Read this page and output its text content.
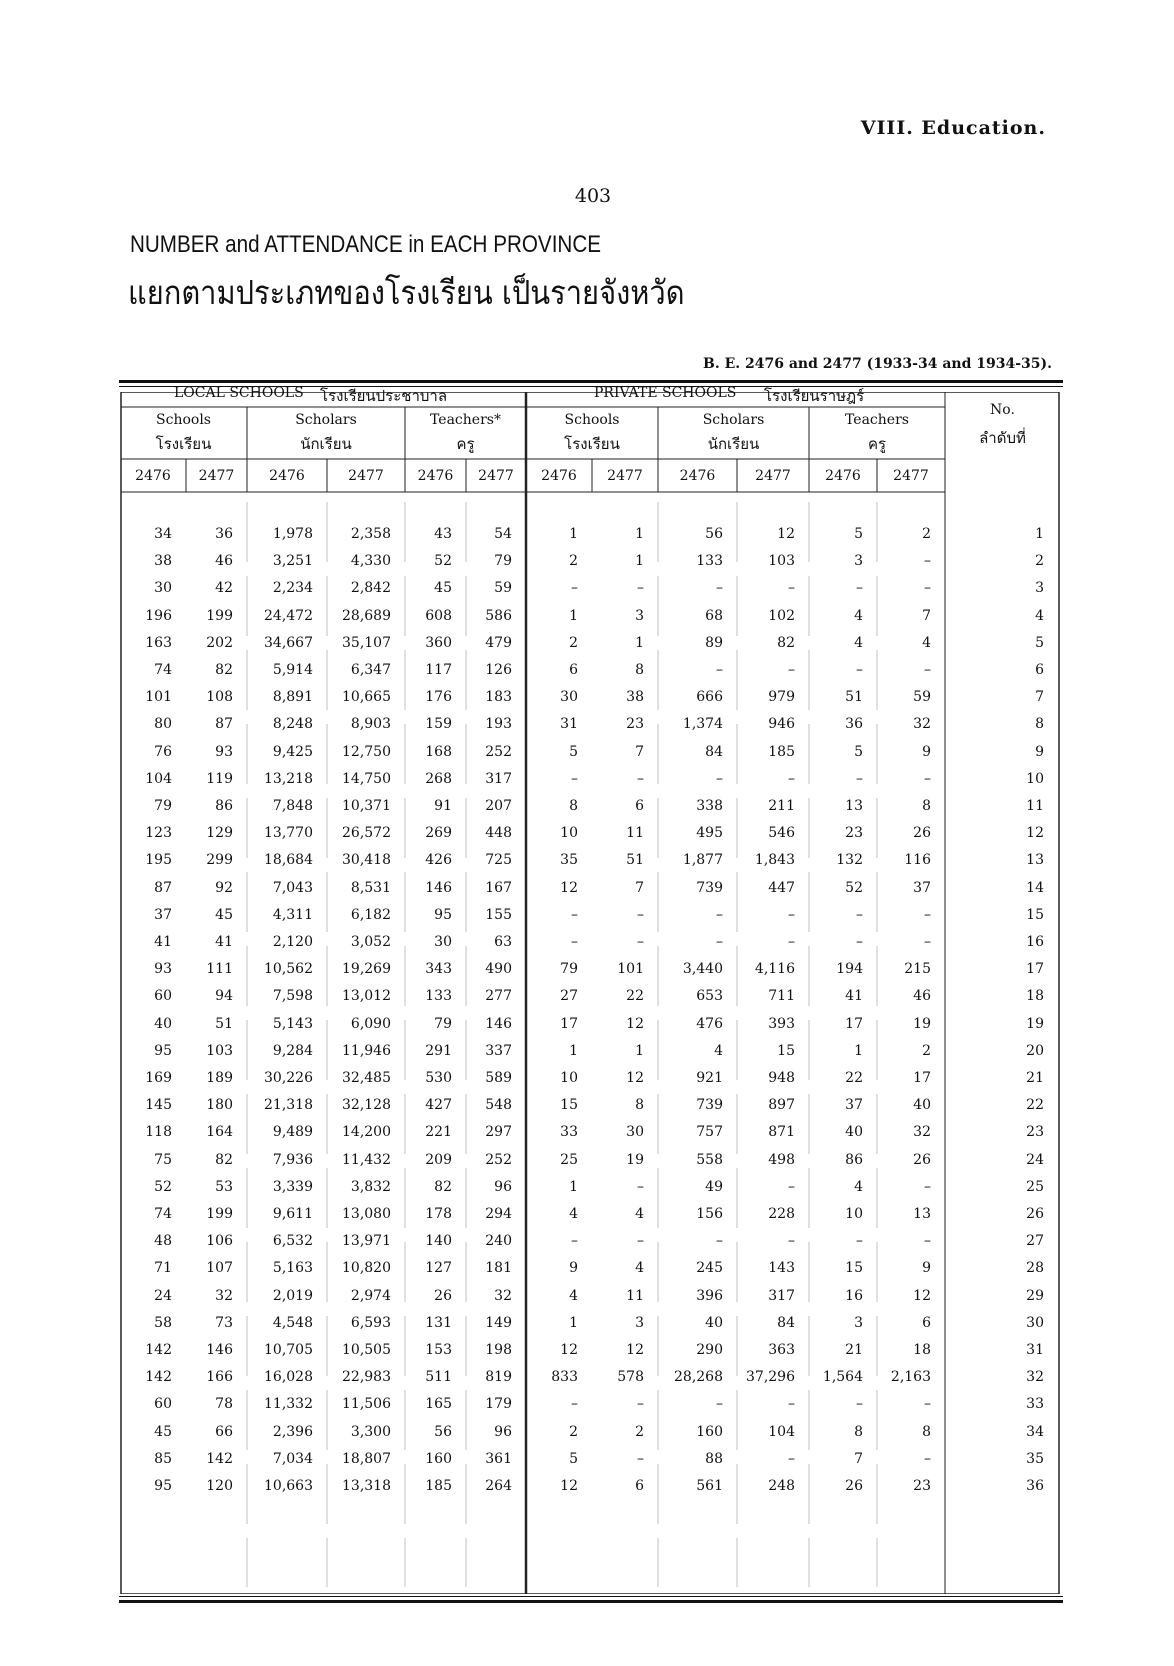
VIII. Education.
403
NUMBER and ATTENDANCE in EACH PROVINCE
แยกตามประเภทของโรงเรียน เป็นรายจังหวัด
B. E. 2476 and 2477 (1933-34 and 1934-35).
LOCAL SCHOOLS โรงเรียนประชาบาล	PRIVATE SCHOOLS โรงเรียนราษฎร์
Schools
โรงเรียน
Scholars
นักเรียน
Teachers*
ครู
Schools
โรงเรียน
Scholars
นักเรียน
Teachers
ครู
No.
ลำดับที่
2476	2477	2476	2477	2476	2477	2476	2477	2476	2477	2476	2477
34	36	1,978	2,358	43	54	1	1	56	12	5	2	1
38	46	3,251	4,330	52	79	2	1	133	103	3	–	2
30	42	2,234	2,842	45	59	–	–	–	–	–	–	3
196	199	24,472	28,689	608	586	1	3	68	102	4	7	4
163	202	34,667	35,107	360	479	2	1	89	82	4	4	5
74	82	5,914	6,347	117	126	6	8	–	–	–	–	6
101	108	8,891	10,665	176	183	30	38	666	979	51	59	7
80	87	8,248	8,903	159	193	31	23	1,374	946	36	32	8
76	93	9,425	12,750	168	252	5	7	84	185	5	9	9
104	119	13,218	14,750	268	317	–	–	–	–	–	–	10
79	86	7,848	10,371	91	207	8	6	338	211	13	8	11
123	129	13,770	26,572	269	448	10	11	495	546	23	26	12
195	299	18,684	30,418	426	725	35	51	1,877	1,843	132	116	13
87	92	7,043	8,531	146	167	12	7	739	447	52	37	14
37	45	4,311	6,182	95	155	–	–	–	–	–	–	15
41	41	2,120	3,052	30	63	–	–	–	–	–	–	16
93	111	10,562	19,269	343	490	79	101	3,440	4,116	194	215	17
60	94	7,598	13,012	133	277	27	22	653	711	41	46	18
40	51	5,143	6,090	79	146	17	12	476	393	17	19	19
95	103	9,284	11,946	291	337	1	1	4	15	1	2	20
169	189	30,226	32,485	530	589	10	12	921	948	22	17	21
145	180	21,318	32,128	427	548	15	8	739	897	37	40	22
118	164	9,489	14,200	221	297	33	30	757	871	40	32	23
75	82	7,936	11,432	209	252	25	19	558	498	86	26	24
52	53	3,339	3,832	82	96	1	–	49	–	4	–	25
74	199	9,611	13,080	178	294	4	4	156	228	10	13	26
48	106	6,532	13,971	140	240	–	–	–	–	–	–	27
71	107	5,163	10,820	127	181	9	4	245	143	15	9	28
24	32	2,019	2,974	26	32	4	11	396	317	16	12	29
58	73	4,548	6,593	131	149	1	3	40	84	3	6	30
142	146	10,705	10,505	153	198	12	12	290	363	21	18	31
142	166	16,028	22,983	511	819	833	578	28,268	37,296	1,564	2,163	32
60	78	11,332	11,506	165	179	–	–	–	–	–	–	33
45	66	2,396	3,300	56	96	2	2	160	104	8	8	34
85	142	7,034	18,807	160	361	5	–	88	–	7	–	35
95	120	10,663	13,318	185	264	12	6	561	248	26	23	36
